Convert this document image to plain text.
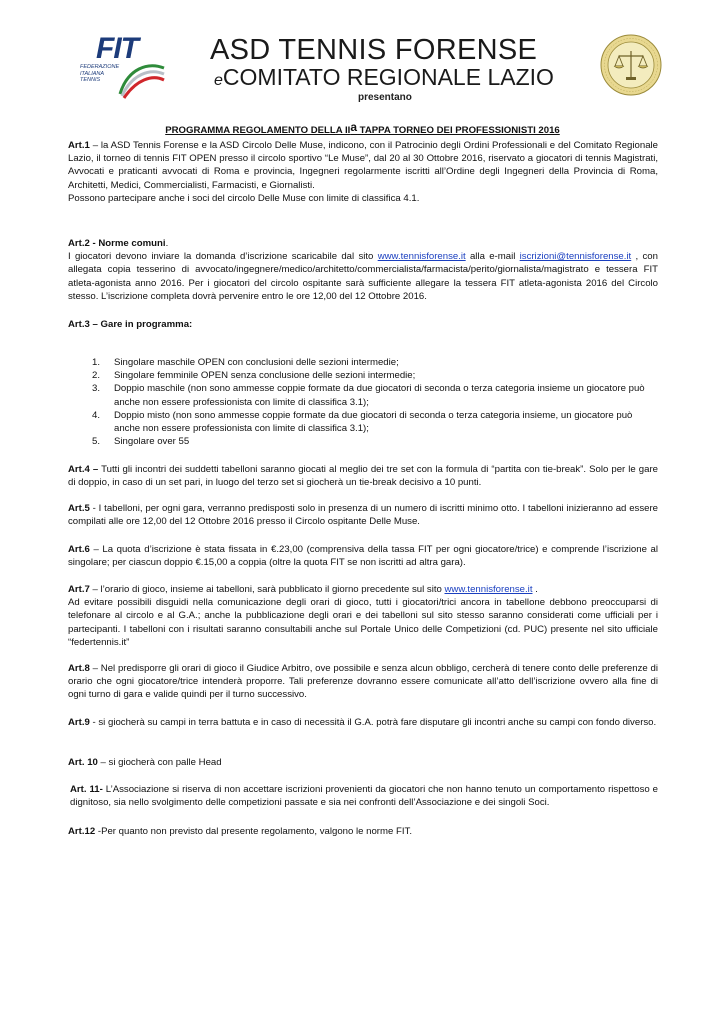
FIT
FEDERAZIONE ITALIANA TENNIS
ASD TENNIS FORENSE
eCOMITATO REGIONALE LAZIO
presentano
PROGRAMMA REGOLAMENTO DELLA $II^a$ TAPPA TORNEO DEI PROFESSIONISTI 2016

Art.1 – la ASD Tennis Forense e la ASD Circolo Delle Muse, indicono, con il Patrocinio degli Ordini Professionali e del Comitato Regionale Lazio, il torneo di tennis FIT OPEN presso il circolo sportivo “Le Muse”, dal 20 al 30 Ottobre 2016, riservato a giocatori di tennis Magistrati, Avvocati e praticanti avvocati di Roma e provincia, Ingegneri regolarmente iscritti all’Ordine degli Ingegneri della Provincia di Roma, Architetti, Medici, Commercialisti, Farmacisti, e Giornalisti.

Possono partecipare anche i soci del circolo Delle Muse con limite di classifica 4.1.

Art.2 - Norme comuni.

I giocatori devono inviare la domanda d’iscrizione scaricabile dal sito www.tennisforense.it alla e-mail iscrizioni@tennisforense.it , con allegata copia tesserino di avvocato/ingegnere/medico/architetto/commercialista/farmacista/perito/giornalista/magistrato e tessera FIT atleta-agonista anno 2016. Per i giocatori del circolo ospitante sarà sufficiente allegare la tessera FIT atleta-agonista 2016 del Circolo stesso. L’iscrizione completa dovrà pervenire entro le ore 12,00 del 12 Ottobre 2016.

Art.3 – Gare in programma:

1. Singolare maschile OPEN con conclusioni delle sezioni intermedie;
2. Singolare femminile OPEN senza conclusione delle sezioni intermedie;
3. Doppio maschile (non sono ammesse coppie formate da due giocatori di seconda o terza categoria insieme un giocatore può anche non essere professionista con limite di classifica 3.1);
4. Doppio misto (non sono ammesse coppie formate da due giocatori di seconda o terza categoria insieme, un giocatore può anche non essere professionista con limite di classifica 3.1);
5. Singolare over 55

Art.4 – Tutti gli incontri dei suddetti tabelloni saranno giocati al meglio dei tre set con la formula di “partita con tie-break”. Solo per le gare di doppio, in caso di un set pari, in luogo del terzo set si giocherà un tie-break decisivo a 10 punti.

Art.5 - I tabelloni, per ogni gara, verranno predisposti solo in presenza di un numero di iscritti minimo otto. I tabelloni inizieranno ad essere compilati alle ore 12,00 del 12 Ottobre 2016 presso il Circolo ospitante Delle Muse.

Art.6 – La quota d’iscrizione è stata fissata in €.23,00 (comprensiva della tassa FIT per ogni giocatore/trice) e comprende l’iscrizione al singolare; per ciascun doppio €.15,00 a coppia (oltre la quota FIT se non iscritti ad altra gara).

Art.7 – l’orario di gioco, insieme ai tabelloni, sarà pubblicato il giorno precedente sul sito www.tennisforense.it .

Ad evitare possibili disguidi nella comunicazione degli orari di gioco, tutti i giocatori/trici ancora in tabellone debbono preoccuparsi di telefonare al circolo e al G.A.; anche la pubblicazione degli orari e dei tabelloni sul sito stesso saranno considerati come ufficiali per i partecipanti. I tabelloni con i risultati saranno consultabili anche sul Portale Unico delle Competizioni (cd. PUC) presente nel sito ufficiale “federtennis.it”

Art.8 – Nel predisporre gli orari di gioco il Giudice Arbitro, ove possibile e senza alcun obbligo, cercherà di tenere conto delle preferenze di orario che ogni giocatore/trice intenderà proporre. Tali preferenze dovranno essere comunicate all’atto dell’iscrizione ovvero alla fine di ogni turno di gara e valide quindi per il turno successivo.

Art.9 - si giocherà su campi in terra battuta e in caso di necessità il G.A. potrà fare disputare gli incontri anche su campi con fondo diverso.

Art. 10 – si giocherà con palle Head

Art. 11- L’Associazione si riserva di non accettare iscrizioni provenienti da giocatori che non hanno tenuto un comportamento rispettoso e dignitoso, sia nello svolgimento delle competizioni passate e sia nei confronti dell’Associazione e dei singoli Soci.

Art.12 -Per quanto non previsto dal presente regolamento, valgono le norme FIT.
